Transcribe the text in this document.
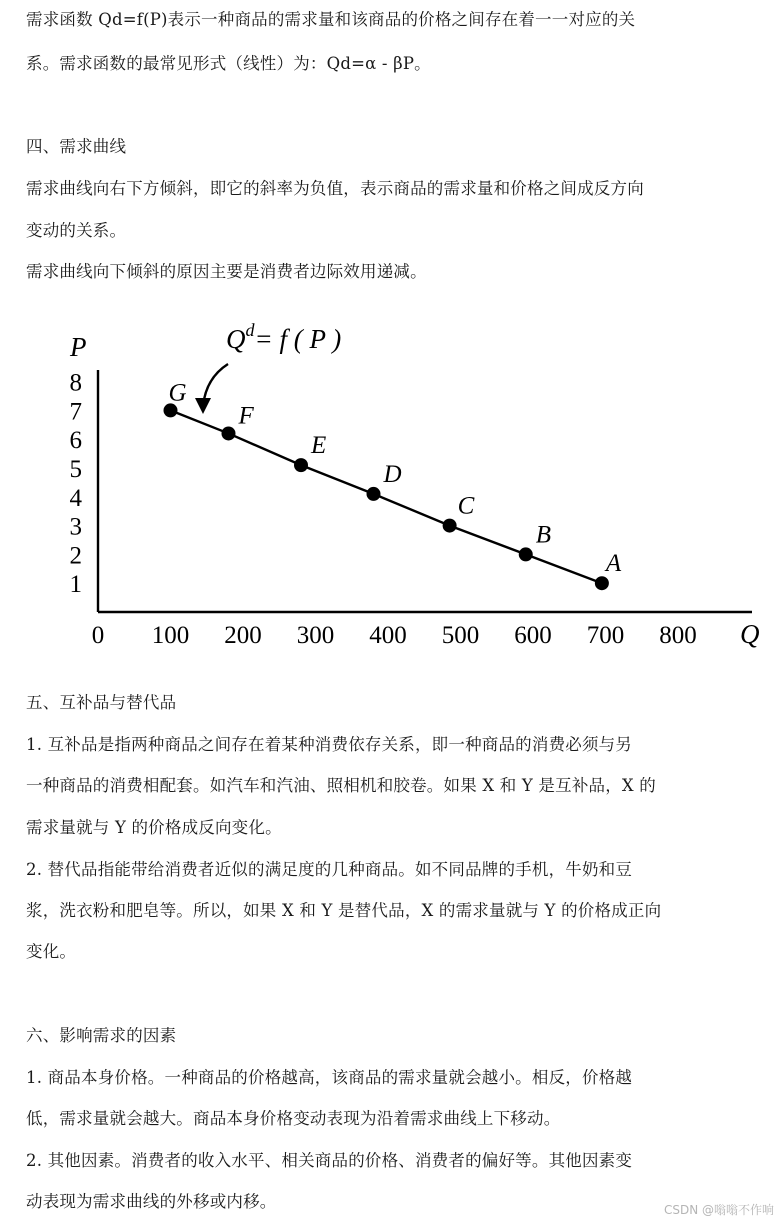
需求函数 Qd=f(P)表示一种商品的需求量和该商品的价格之间存在着一一对应的关
系。需求函数的最常见形式（线性）为：Qd=α - βP。
四、需求曲线
需求曲线向右下方倾斜，即它的斜率为负值，表示商品的需求量和价格之间成反方向
变动的关系。
需求曲线向下倾斜的原因主要是消费者边际效用递减。
P
Q
1
2
3
4
5
6
7
8
0 100 200 300 400 500 600 700 800
G
F
E
D
C
B
A
$Q^d= f$ ( P )
五、互补品与替代品
1. 互补品是指两种商品之间存在着某种消费依存关系，即一种商品的消费必须与另
一种商品的消费相配套。如汽车和汽油、照相机和胶卷。如果 X 和 Y 是互补品，X 的
需求量就与 Y 的价格成反向变化。
2. 替代品指能带给消费者近似的满足度的几种商品。如不同品牌的手机，牛奶和豆
浆，洗衣粉和肥皂等。所以，如果 X 和 Y 是替代品，X 的需求量就与 Y 的价格成正向
变化。
六、影响需求的因素
1. 商品本身价格。一种商品的价格越高，该商品的需求量就会越小。相反，价格越
低，需求量就会越大。商品本身价格变动表现为沿着需求曲线上下移动。
2. 其他因素。消费者的收入水平、相关商品的价格、消费者的偏好等。其他因素变
动表现为需求曲线的外移或内移。	CSDN @嗡嗡不作响
